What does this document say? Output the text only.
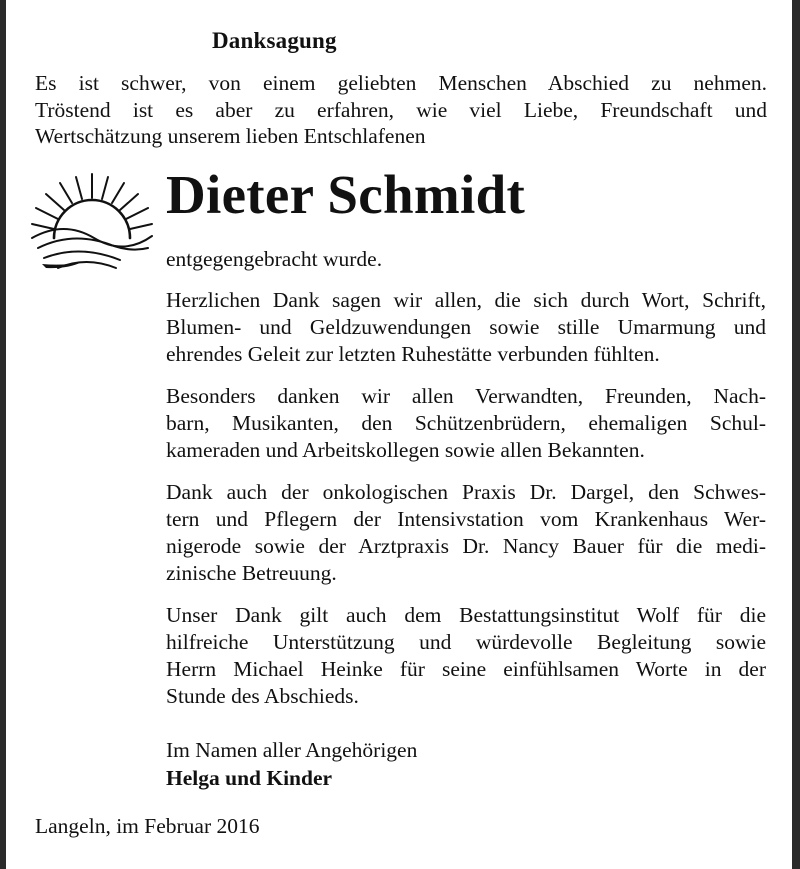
Danksagung
Es ist schwer, von einem geliebten Menschen Abschied zu nehmen.
Tröstend ist es aber zu erfahren, wie viel Liebe, Freundschaft und
Wertschätzung unserem lieben Entschlafenen
Dieter Schmidt
entgegengebracht wurde.

Herzlichen Dank sagen wir allen, die sich durch Wort, Schrift,
Blumen- und Geldzuwendungen sowie stille Umarmung und
ehrendes Geleit zur letzten Ruhestätte verbunden fühlten.

Besonders danken wir allen Verwandten, Freunden, Nach-
barn, Musikanten, den Schützenbrüdern, ehemaligen Schul-
kameraden und Arbeitskollegen sowie allen Bekannten.

Dank auch der onkologischen Praxis Dr. Dargel, den Schwes-
tern und Pflegern der Intensivstation vom Krankenhaus Wer-
nigerode sowie der Arztpraxis Dr. Nancy Bauer für die medi-
zinische Betreuung.

Unser Dank gilt auch dem Bestattungsinstitut Wolf für die
hilfreiche Unterstützung und würdevolle Begleitung sowie
Herrn Michael Heinke für seine einfühlsamen Worte in der
Stunde des Abschieds.

Im Namen aller Angehörigen
Helga und Kinder
Langeln, im Februar 2016
